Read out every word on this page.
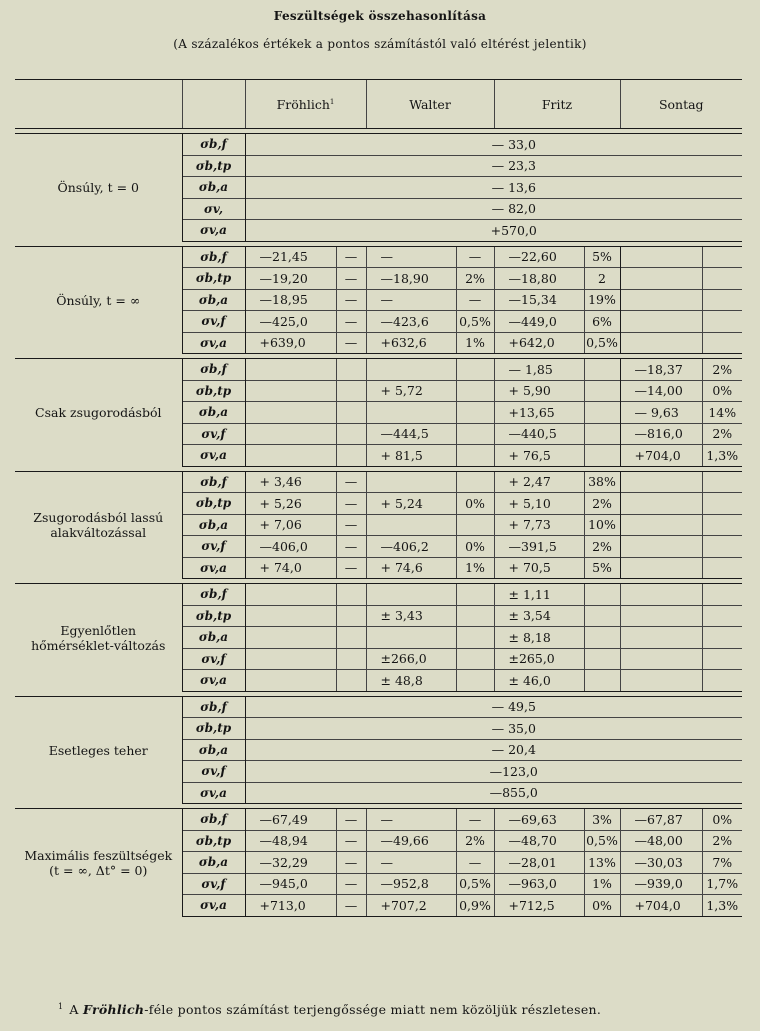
Feszültségek összehasonlítása
(A százalékos értékek a pontos számítástól való eltérést jelentik)
		Fröhlich$^1$		Walter		Fritz		Sontag	

Önsúly, t = 0	σb,f	— 33,0							
	σb,tp	— 23,3							
	σb,a	— 13,6							
	σv,	— 82,0							
	σv,a	+570,0							

Önsúly, t = ∞	σb,f	—21,45	—	—	—	—22,60	5%		
	σb,tp	—19,20	—	—18,90	2%	—18,80	2		
	σb,a	—18,95	—	—	—	—15,34	19%		
	σv,f	—425,0	—	—423,6	0,5%	—449,0	6%		
	σv,a	+639,0	—	+632,6	1%	+642,0	0,5%		

Csak zsugorodásból	σb,f					— 1,85		—18,37	2%
	σb,tp			+ 5,72		+ 5,90		—14,00	0%
	σb,a					+13,65		— 9,63	14%
	σv,f			—444,5		—440,5		—816,0	2%
	σv,a			+ 81,5		+ 76,5		+704,0	1,3%

Zsugorodásból lassú alakváltozással	σb,f	+ 3,46	—			+ 2,47	38%		
	σb,tp	+ 5,26	—	+ 5,24	0%	+ 5,10	2%		
	σb,a	+ 7,06	—			+ 7,73	10%		
	σv,f	—406,0	—	—406,2	0%	—391,5	2%		
	σv,a	+ 74,0	—	+ 74,6	1%	+ 70,5	5%		

Egyenlőtlen hőmérséklet-változás	σb,f					± 1,11			
	σb,tp			± 3,43		± 3,54			
	σb,a					± 8,18			
	σv,f			±266,0		±265,0			
	σv,a			± 48,8		± 46,0			

Esetleges teher	σb,f	— 49,5							
	σb,tp	— 35,0							
	σb,a	— 20,4							
	σv,f	—123,0							
	σv,a	—855,0							

Maximális feszültségek (t = ∞, Δt° = 0)	σb,f	—67,49	—	—	—	—69,63	3%	—67,87	0%
	σb,tp	—48,94	—	—49,66	2%	—48,70	0,5%	—48,00	2%
	σb,a	—32,29	—	—	—	—28,01	13%	—30,03	7%
	σv,f	—945,0	—	—952,8	0,5%	—963,0	1%	—939,0	1,7%
	σv,a	+713,0	—	+707,2	0,9%	+712,5	0%	+704,0	1,3%
$^1$ A Fröhlich-féle pontos számítást terjengőssége miatt nem közöljük részletesen.
